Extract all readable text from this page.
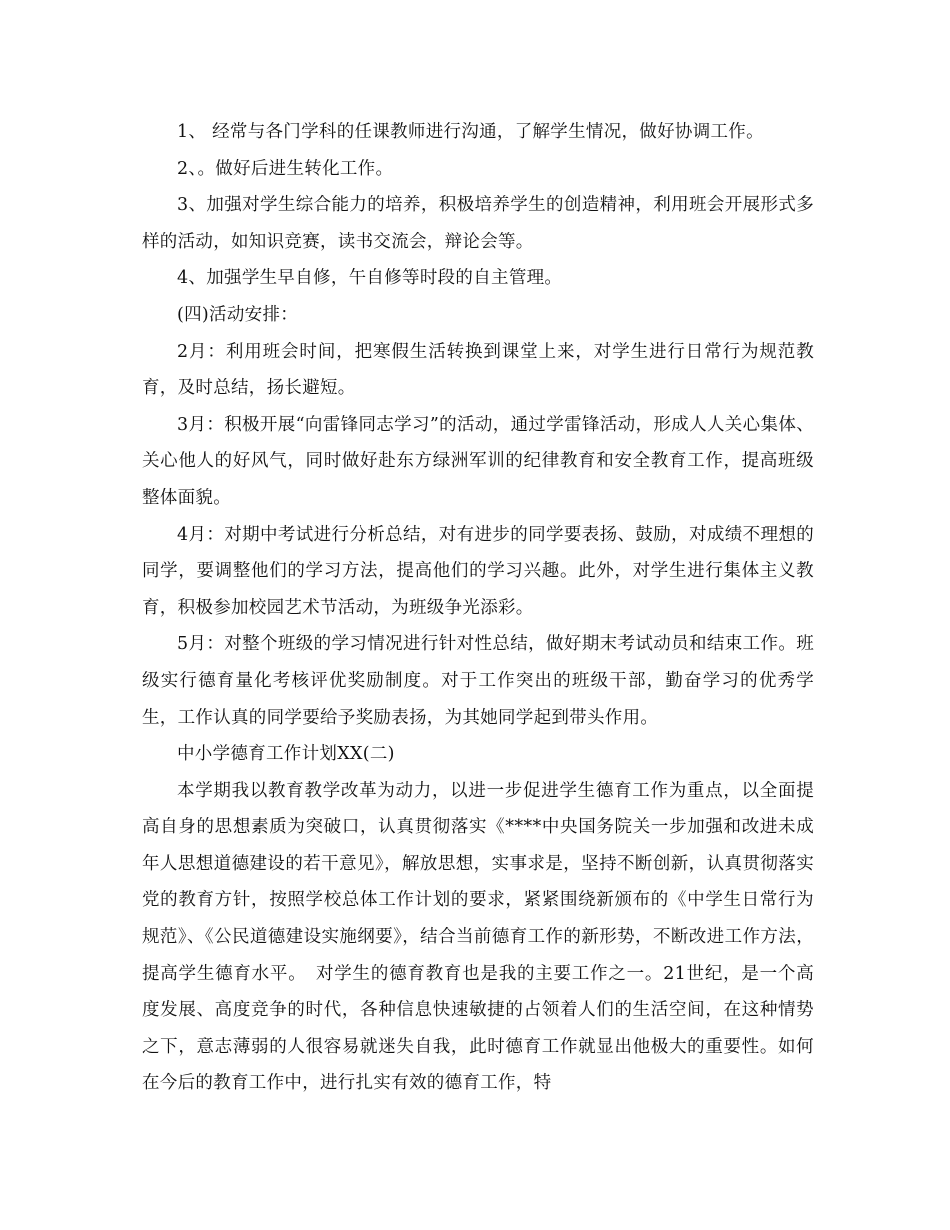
1、 经常与各门学科的任课教师进行沟通，了解学生情况，做好协调工作。

2、。做好后进生转化工作。

3、加强对学生综合能力的培养，积极培养学生的创造精神，利用班会开展形式多样的活动，如知识竞赛，读书交流会，辩论会等。

4、加强学生早自修，午自修等时段的自主管理。

(四)活动安排：

2月：利用班会时间，把寒假生活转换到课堂上来，对学生进行日常行为规范教育，及时总结，扬长避短。

3月：积极开展“向雷锋同志学习”的活动，通过学雷锋活动，形成人人关心集体、关心他人的好风气，同时做好赴东方绿洲军训的纪律教育和安全教育工作，提高班级整体面貌。

4月：对期中考试进行分析总结，对有进步的同学要表扬、鼓励，对成绩不理想的同学，要调整他们的学习方法，提高他们的学习兴趣。此外，对学生进行集体主义教育，积极参加校园艺术节活动，为班级争光添彩。

5月：对整个班级的学习情况进行针对性总结，做好期末考试动员和结束工作。班级实行德育量化考核评优奖励制度。对于工作突出的班级干部，勤奋学习的优秀学生，工作认真的同学要给予奖励表扬，为其她同学起到带头作用。

中小学德育工作计划XX(二)

本学期我以教育教学改革为动力，以进一步促进学生德育工作为重点，以全面提高自身的思想素质为突破口，认真贯彻落实《****中央国务院关一步加强和改进未成年人思想道德建设的若干意见》，解放思想，实事求是，坚持不断创新，认真贯彻落实党的教育方针，按照学校总体工作计划的要求，紧紧围绕新颁布的《中学生日常行为规范》、《公民道德建设实施纲要》，结合当前德育工作的新形势，不断改进工作方法，提高学生德育水平。　对学生的德育教育也是我的主要工作之一。21世纪，是一个高度发展、高度竞争的时代，各种信息快速敏捷的占领着人们的生活空间，在这种情势之下，意志薄弱的人很容易就迷失自我，此时德育工作就显出他极大的重要性。如何在今后的教育工作中，进行扎实有效的德育工作，特
